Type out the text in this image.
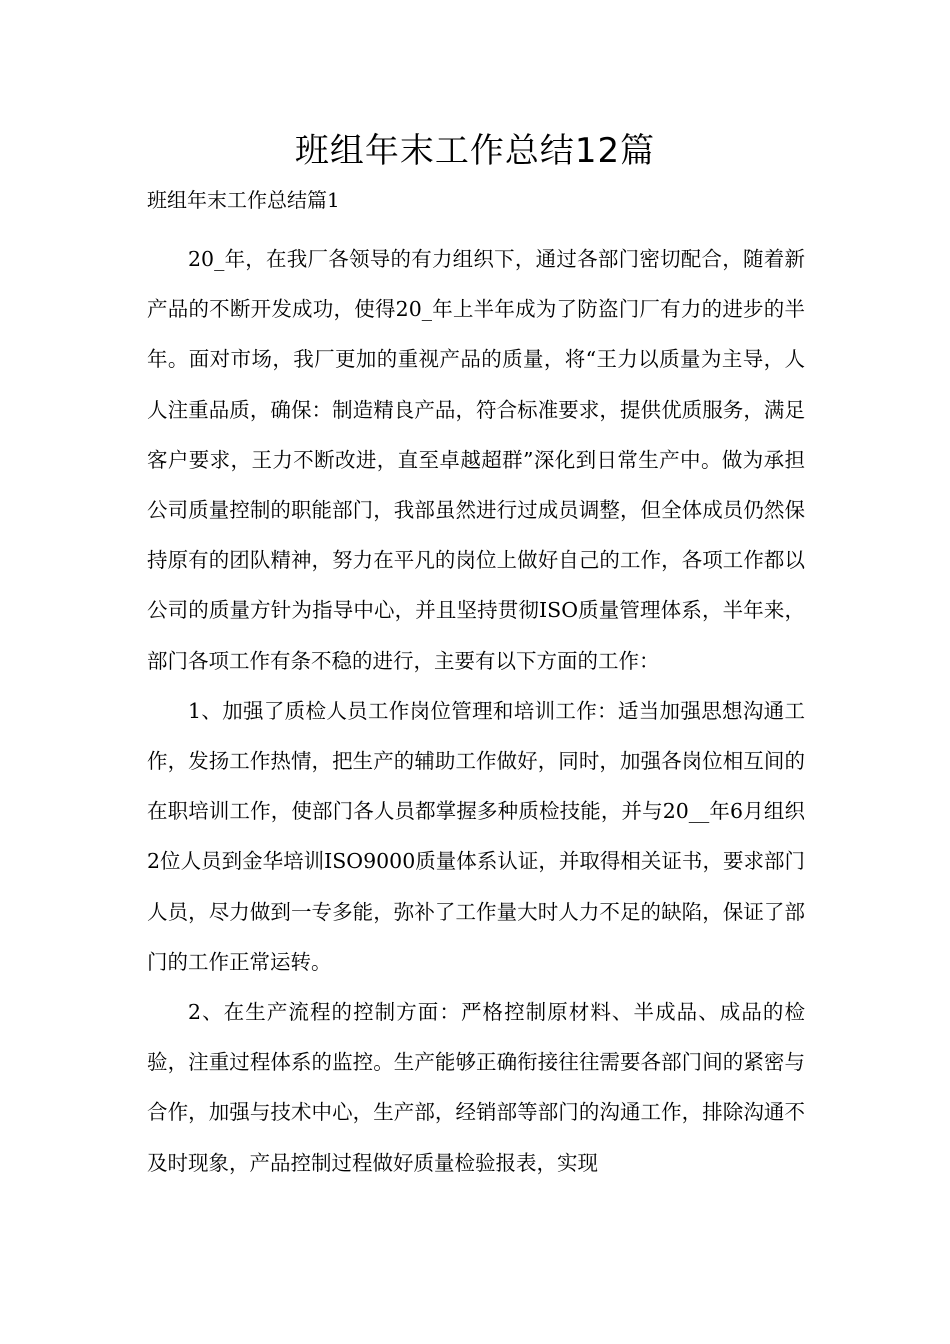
班组年末工作总结12篇
班组年末工作总结篇1

20_年，在我厂各领导的有力组织下，通过各部门密切配合，随着新产品的不断开发成功，使得20_年上半年成为了防盗门厂有力的进步的半年。面对市场，我厂更加的重视产品的质量，将“王力以质量为主导，人人注重品质，确保：制造精良产品，符合标准要求，提供优质服务，满足客户要求，王力不断改进，直至卓越超群”深化到日常生产中。做为承担公司质量控制的职能部门，我部虽然进行过成员调整，但全体成员仍然保持原有的团队精神，努力在平凡的岗位上做好自己的工作，各项工作都以公司的质量方针为指导中心，并且坚持贯彻ISO质量管理体系，半年来，部门各项工作有条不稳的进行，主要有以下方面的工作：

1、加强了质检人员工作岗位管理和培训工作：适当加强思想沟通工作，发扬工作热情，把生产的辅助工作做好，同时，加强各岗位相互间的在职培训工作，使部门各人员都掌握多种质检技能，并与20__年6月组织2位人员到金华培训ISO9000质量体系认证，并取得相关证书，要求部门人员，尽力做到一专多能，弥补了工作量大时人力不足的缺陷，保证了部门的工作正常运转。

2、在生产流程的控制方面：严格控制原材料、半成品、成品的检验，注重过程体系的监控。生产能够正确衔接往往需要各部门间的紧密与合作，加强与技术中心，生产部，经销部等部门的沟通工作，排除沟通不及时现象，产品控制过程做好质量检验报表，实现
